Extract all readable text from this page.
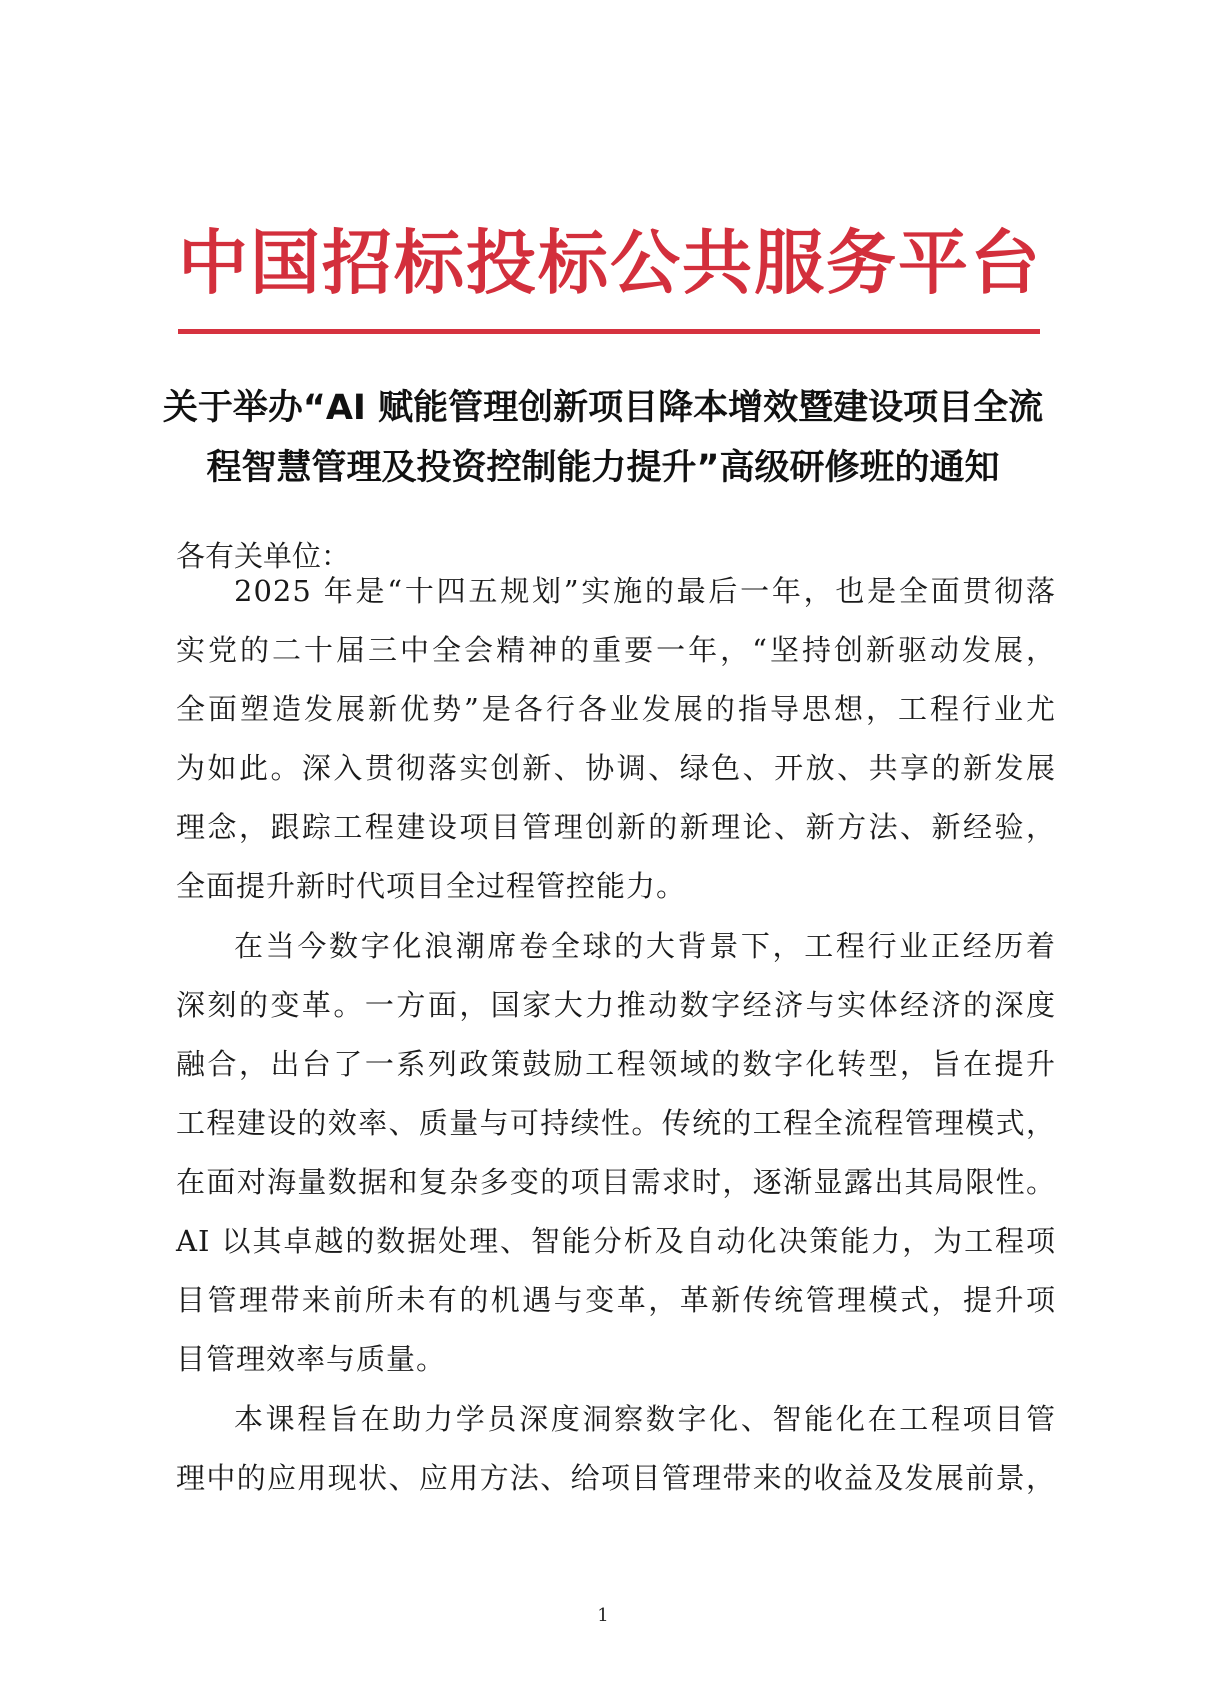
中国招标投标公共服务平台
关于举办“AI 赋能管理创新项目降本增效暨建设项目全流
程智慧管理及投资控制能力提升”高级研修班的通知
各有关单位：
2025 年是“十四五规划”实施的最后一年，也是全面贯彻落
实党的二十届三中全会精神的重要一年，“坚持创新驱动发展，
全面塑造发展新优势”是各行各业发展的指导思想，工程行业尤
为如此。深入贯彻落实创新、协调、绿色、开放、共享的新发展
理念，跟踪工程建设项目管理创新的新理论、新方法、新经验，
全面提升新时代项目全过程管控能力。
在当今数字化浪潮席卷全球的大背景下，工程行业正经历着
深刻的变革。一方面，国家大力推动数字经济与实体经济的深度
融合，出台了一系列政策鼓励工程领域的数字化转型，旨在提升
工程建设的效率、质量与可持续性。传统的工程全流程管理模式，
在面对海量数据和复杂多变的项目需求时，逐渐显露出其局限性。
AI 以其卓越的数据处理、智能分析及自动化决策能力，为工程项
目管理带来前所未有的机遇与变革，革新传统管理模式，提升项
目管理效率与质量。
本课程旨在助力学员深度洞察数字化、智能化在工程项目管
理中的应用现状、应用方法、给项目管理带来的收益及发展前景，
1
